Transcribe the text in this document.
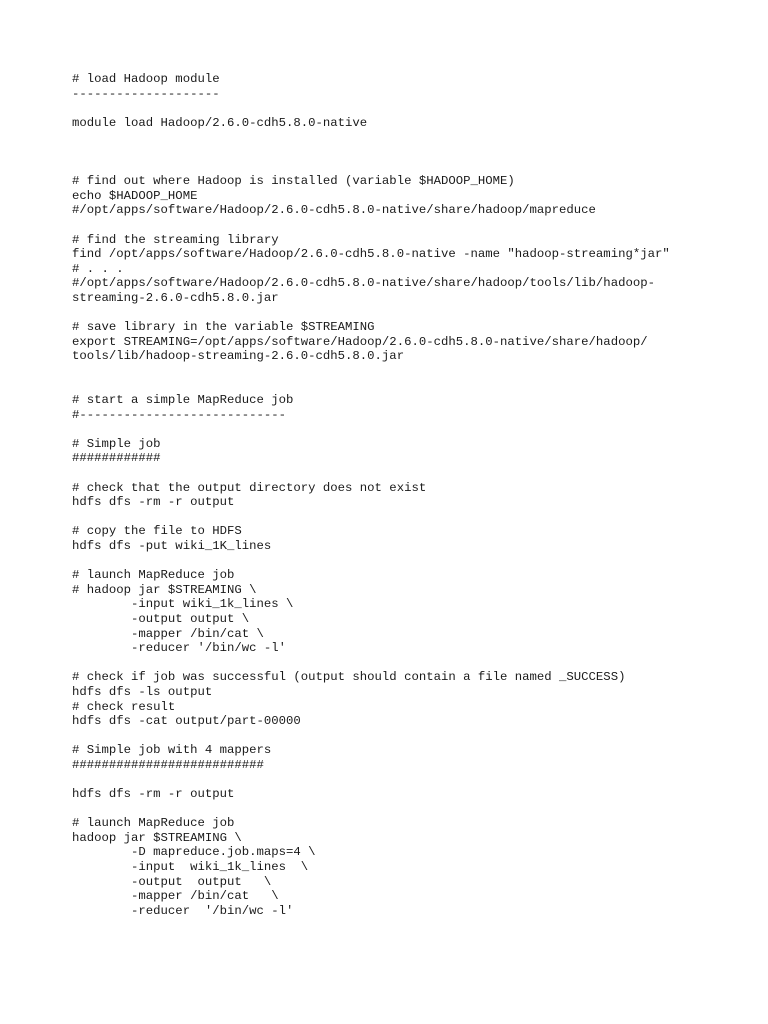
# load Hadoop module
--------------------
module load Hadoop/2.6.0-cdh5.8.0-native
# find out where Hadoop is installed (variable $HADOOP_HOME)
echo $HADOOP_HOME
#/opt/apps/software/Hadoop/2.6.0-cdh5.8.0-native/share/hadoop/mapreduce
# find the streaming library
find /opt/apps/software/Hadoop/2.6.0-cdh5.8.0-native -name "hadoop-streaming*jar"
# . . .
#/opt/apps/software/Hadoop/2.6.0-cdh5.8.0-native/share/hadoop/tools/lib/hadoop-
streaming-2.6.0-cdh5.8.0.jar
# save library in the variable $STREAMING
export STREAMING=/opt/apps/software/Hadoop/2.6.0-cdh5.8.0-native/share/hadoop/
tools/lib/hadoop-streaming-2.6.0-cdh5.8.0.jar
# start a simple MapReduce job
#----------------------------
# Simple job
############
# check that the output directory does not exist
hdfs dfs -rm -r output
# copy the file to HDFS
hdfs dfs -put wiki_1K_lines
# launch MapReduce job
# hadoop jar $STREAMING \
-input wiki_1k_lines \
-output output \
-mapper /bin/cat \
-reducer '/bin/wc -l'
# check if job was successful (output should contain a file named _SUCCESS)
hdfs dfs -ls output
# check result
hdfs dfs -cat output/part-00000
# Simple job with 4 mappers
##########################
hdfs dfs -rm -r output
# launch MapReduce job
hadoop jar $STREAMING \
-D mapreduce.job.maps=4 \
-input  wiki_1k_lines  \
-output  output   \
-mapper /bin/cat   \
-reducer  '/bin/wc -l'
